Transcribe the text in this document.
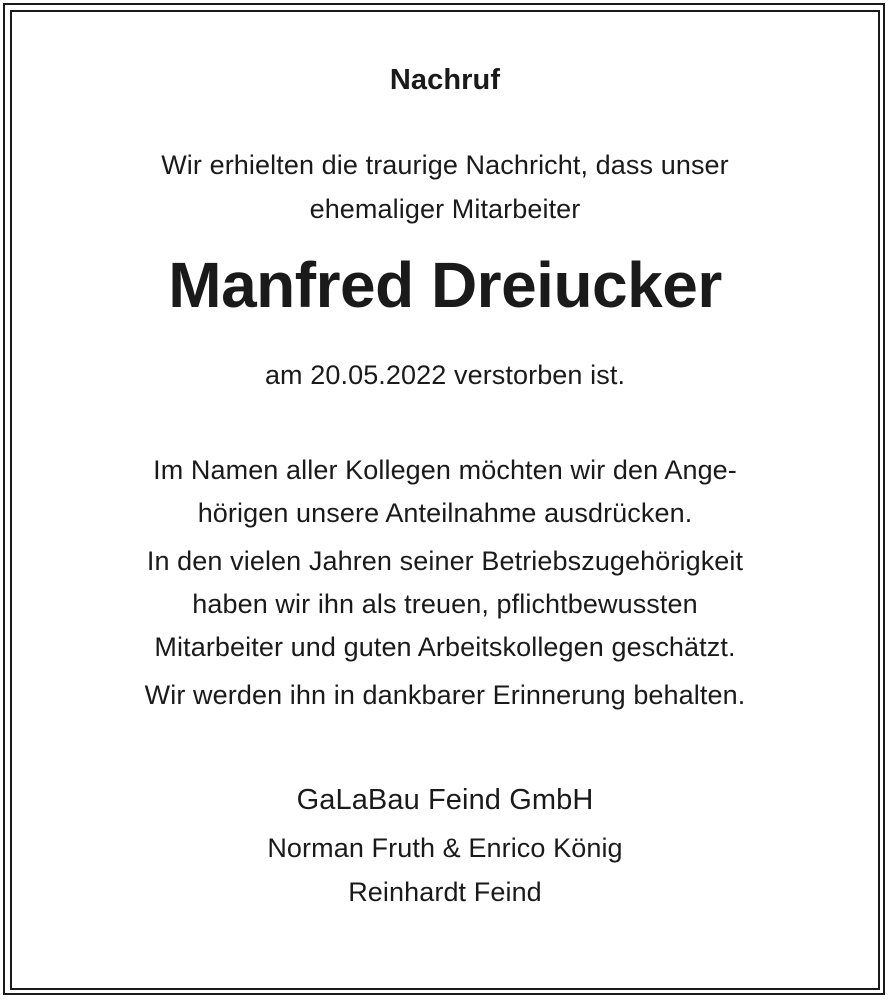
Nachruf
Wir erhielten die traurige Nachricht, dass unser
ehemaliger Mitarbeiter
Manfred Dreiucker
am 20.05.2022 verstorben ist.
Im Namen aller Kollegen möchten wir den Ange-
hörigen unsere Anteilnahme ausdrücken.
In den vielen Jahren seiner Betriebszugehörigkeit
haben wir ihn als treuen, pflichtbewussten
Mitarbeiter und guten Arbeitskollegen geschätzt.
Wir werden ihn in dankbarer Erinnerung behalten.
GaLaBau Feind GmbH
Norman Fruth & Enrico König
Reinhardt Feind
